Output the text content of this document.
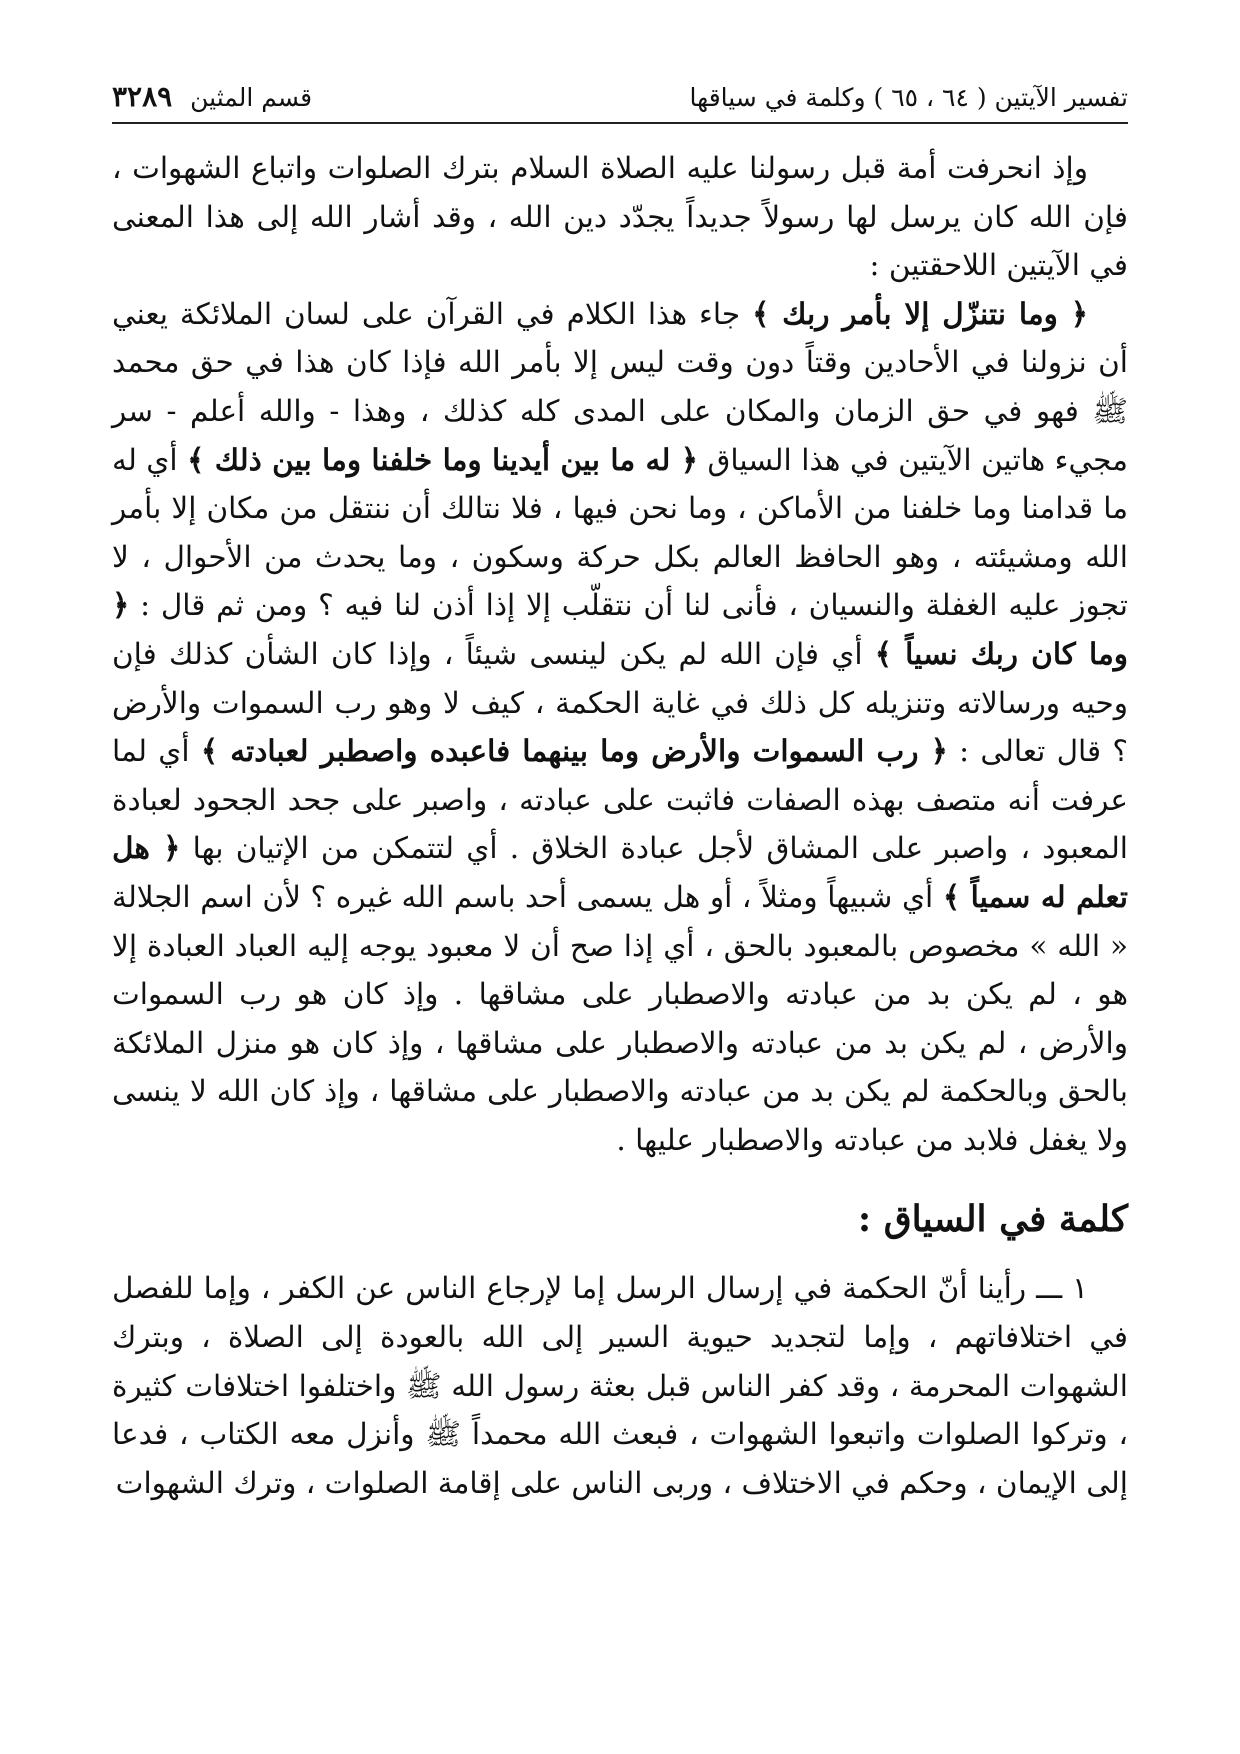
تفسير الآيتين ( ٦٤ ، ٦٥ ) وكلمة في سياقها
قسم المثين
٣٢٨٩

وإذ انحرفت أمة قبل رسولنا عليه الصلاة السلام بترك الصلوات واتباع الشهوات ، فإن الله كان يرسل لها رسولاً جديداً يجدّد دين الله ، وقد أشار الله إلى هذا المعنى في الآيتين اللاحقتين :

﴿ وما نتنزّل إلا بأمر ربك ﴾ جاء هذا الكلام في القرآن على لسان الملائكة يعني أن نزولنا في الأحادين وقتاً دون وقت ليس إلا بأمر الله فإذا كان هذا في حق محمد ﷺ فهو في حق الزمان والمكان على المدى كله كذلك ، وهذا - والله أعلم - سر مجيء هاتين الآيتين في هذا السياق ﴿ له ما بين أيدينا وما خلفنا وما بين ذلك ﴾ أي له ما قدامنا وما خلفنا من الأماكن ، وما نحن فيها ، فلا نتالك أن ننتقل من مكان إلا بأمر الله ومشيئته ، وهو الحافظ العالم بكل حركة وسكون ، وما يحدث من الأحوال ، لا تجوز عليه الغفلة والنسيان ، فأنى لنا أن نتقلّب إلا إذا أذن لنا فيه ؟ ومن ثم قال : ﴿ وما كان ربك نسياً ﴾ أي فإن الله لم يكن لينسى شيئاً ، وإذا كان الشأن كذلك فإن وحيه ورسالاته وتنزيله كل ذلك في غاية الحكمة ، كيف لا وهو رب السموات والأرض ؟ قال تعالى : ﴿ رب السموات والأرض وما بينهما فاعبده واصطبر لعبادته ﴾ أي لما عرفت أنه متصف بهذه الصفات فاثبت على عبادته ، واصبر على جحد الجحود لعبادة المعبود ، واصبر على المشاق لأجل عبادة الخلاق . أي لتتمكن من الإتيان بها ﴿ هل تعلم له سمياً ﴾ أي شبيهاً ومثلاً ، أو هل يسمى أحد باسم الله غيره ؟ لأن اسم الجلالة « الله » مخصوص بالمعبود بالحق ، أي إذا صح أن لا معبود يوجه إليه العباد العبادة إلا هو ، لم يكن بد من عبادته والاصطبار على مشاقها . وإذ كان هو رب السموات والأرض ، لم يكن بد من عبادته والاصطبار على مشاقها ، وإذ كان هو منزل الملائكة بالحق وبالحكمة لم يكن بد من عبادته والاصطبار على مشاقها ، وإذ كان الله لا ينسى ولا يغفل فلابد من عبادته والاصطبار عليها .

كلمة في السياق :

١ ـــ رأينا أنّ الحكمة في إرسال الرسل إما لإرجاع الناس عن الكفر ، وإما للفصل في اختلافاتهم ، وإما لتجديد حيوية السير إلى الله بالعودة إلى الصلاة ، وبترك الشهوات المحرمة ، وقد كفر الناس قبل بعثة رسول الله ﷺ واختلفوا اختلافات كثيرة ، وتركوا الصلوات واتبعوا الشهوات ، فبعث الله محمداً ﷺ وأنزل معه الكتاب ، فدعا إلى الإيمان ، وحكم في الاختلاف ، وربى الناس على إقامة الصلوات ، وترك الشهوات
